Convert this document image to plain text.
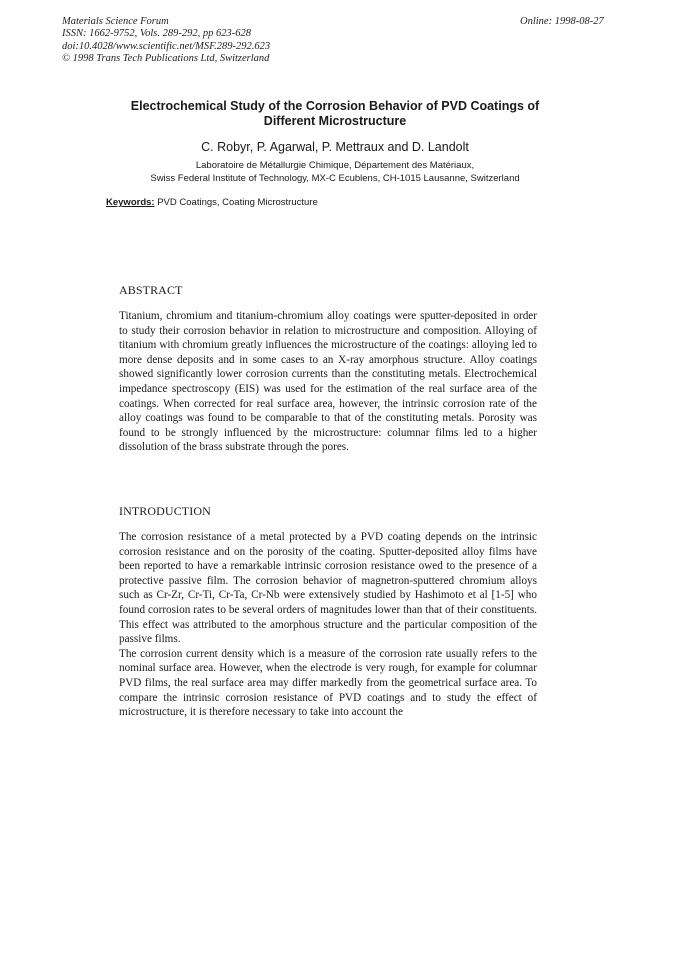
Materials Science Forum
ISSN: 1662-9752, Vols. 289-292, pp 623-628
doi:10.4028/www.scientific.net/MSF.289-292.623
© 1998 Trans Tech Publications Ltd, Switzerland
Online: 1998-08-27
Electrochemical Study of the Corrosion Behavior of PVD Coatings of
Different Microstructure
C. Robyr, P. Agarwal, P. Mettraux and D. Landolt
Laboratoire de Métallurgie Chimique, Département des Matériaux,
Swiss Federal Institute of Technology, MX-C Ecublens, CH-1015 Lausanne, Switzerland
Keywords: PVD Coatings, Coating Microstructure
ABSTRACT
Titanium, chromium and titanium-chromium alloy coatings were sputter-deposited in order to study their corrosion behavior in relation to microstructure and composition. Alloying of titanium with chromium greatly influences the microstructure of the coatings: alloying led to more dense deposits and in some cases to an X-ray amorphous structure. Alloy coatings showed significantly lower corrosion currents than the constituting metals. Electrochemical impedance spectroscopy (EIS) was used for the estimation of the real surface area of the coatings. When corrected for real surface area, however, the intrinsic corrosion rate of the alloy coatings was found to be comparable to that of the constituting metals. Porosity was found to be strongly influenced by the microstructure: columnar films led to a higher dissolution of the brass substrate through the pores.
INTRODUCTION

The corrosion resistance of a metal protected by a PVD coating depends on the intrinsic corrosion resistance and on the porosity of the coating. Sputter-deposited alloy films have been reported to have a remarkable intrinsic corrosion resistance owed to the presence of a protective passive film. The corrosion behavior of magnetron-sputtered chromium alloys such as Cr-Zr, Cr-Ti, Cr-Ta, Cr-Nb were extensively studied by Hashimoto et al [1-5] who found corrosion rates to be several orders of magnitudes lower than that of their constituents. This effect was attributed to the amorphous structure and the particular composition of the passive films.

The corrosion current density which is a measure of the corrosion rate usually refers to the nominal surface area. However, when the electrode is very rough, for example for columnar PVD films, the real surface area may differ markedly from the geometrical surface area. To compare the intrinsic corrosion resistance of PVD coatings and to study the effect of microstructure, it is therefore necessary to take into account the
